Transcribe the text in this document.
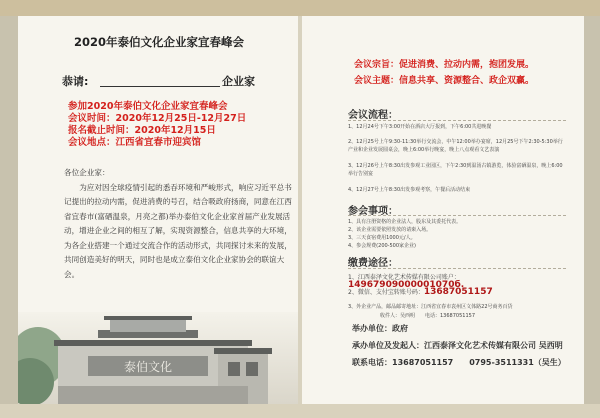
2020年泰伯文化企业家宜春峰会
恭请:	企业家
参加2020年泰伯文化企业家宜春峰会
会议时间：2020年12月25日-12月27日
报名截止时间：2020年12月15日
会议地点：江西省宜春市迎宾馆

各位企业家：

为应对因全球疫情引起的悉吞环境和严峻形式，响应习近平总书记提出的拉动内需，促进消费的号召，结合吸政府扬商，同意在江西省宜春市(富硒温泉，月亮之都)举办泰伯文化企业家首届产业发展活动，增进企业之间的相互了解，实现资源整合，信息共享的大环境，为各企业搭建一个通过交流合作的活动形式，共同探讨未来的发展，共同创造美好的明天，同时也是成立泰伯文化企业家协会的联谊大会。

泰伯文化
会议宗旨：促进消费、拉动内需，抱团发展。
会议主题：信息共享、资源整合、政企双赢。
会议流程：
1、12月24号下午3:00开始在酒店大厅报到，下午6:00共进晚餐
2、12月25号上午9:30-11:30举行交流会，中午12:00举办宴席，12月25号下午2:30-5:30举行产业和企业发展圆桌会，晚上6:00举行晚宴，晚上八点观看文艺表演
3、12月26号上午8:30出发参观工业园区，下午2:30到温汤古镇游览，体验富硒温泉，晚上6:00举行告别宴
4、12月27号上午8:30出发参观考察，午餐后活动结束
参会事项：
1、具有注册资格的企业法人，股东及其委托代表。
2、该企业需要依照发放的请柬入场。
3、三天食宿费用1000元/人。
4、参会规费(200-500家企业)
缴费途径：
1、江西泰泽文化艺术传媒有限公司账户：14967909000001070б.
2、微信、支付宝转账号码：13687051157
3、外企业产品，邮品邮寄地址：江西省宜春市袁州区文体路22号商务百货
收件人：吴西明　　电话：13687051157
举办单位：政府
承办单位及发起人：江西泰泽文化艺术传媒有限公司 吴西明
联系电话：13687051157　　0795-3511331（吴生）
